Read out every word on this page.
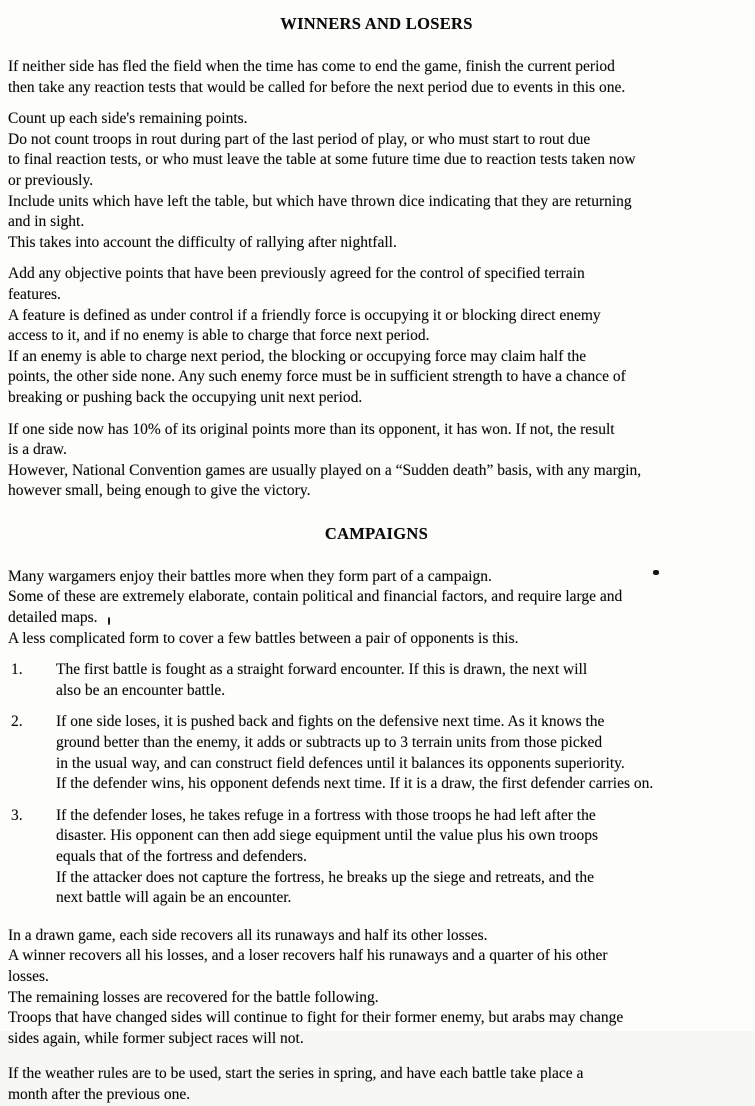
WINNERS AND LOSERS
If neither side has fled the field when the time has come to end the game, finish the current period
then take any reaction tests that would be called for before the next period due to events in this one.
Count up each side's remaining points.
Do not count troops in rout during part of the last period of play, or who must start to rout due
to final reaction tests, or who must leave the table at some future time due to reaction tests taken now
or previously.
Include units which have left the table, but which have thrown dice indicating that they are returning
and in sight.
This takes into account the difficulty of rallying after nightfall.
Add any objective points that have been previously agreed for the control of specified terrain
features.
A feature is defined as under control if a friendly force is occupying it or blocking direct enemy
access to it, and if no enemy is able to charge that force next period.
If an enemy is able to charge next period, the blocking or occupying force may claim half the
points, the other side none. Any such enemy force must be in sufficient strength to have a chance of
breaking or pushing back the occupying unit next period.
If one side now has 10% of its original points more than its opponent, it has won. If not, the result
is a draw.
However, National Convention games are usually played on a “Sudden death” basis, with any margin,
however small, being enough to give the victory.
CAMPAIGNS
Many wargamers enjoy their battles more when they form part of a campaign.
Some of these are extremely elaborate, contain political and financial factors, and require large and
detailed maps.
A less complicated form to cover a few battles between a pair of opponents is this.
1.	The first battle is fought as a straight forward encounter. If this is drawn, the next will
also be an encounter battle.
2.	If one side loses, it is pushed back and fights on the defensive next time. As it knows the
ground better than the enemy, it adds or subtracts up to 3 terrain units from those picked
in the usual way, and can construct field defences until it balances its opponents superiority.
If the defender wins, his opponent defends next time. If it is a draw, the first defender carries on.
3.	If the defender loses, he takes refuge in a fortress with those troops he had left after the
disaster. His opponent can then add siege equipment until the value plus his own troops
equals that of the fortress and defenders.
If the attacker does not capture the fortress, he breaks up the siege and retreats, and the
next battle will again be an encounter.
In a drawn game, each side recovers all its runaways and half its other losses.
A winner recovers all his losses, and a loser recovers half his runaways and a quarter of his other
losses.
The remaining losses are recovered for the battle following.
Troops that have changed sides will continue to fight for their former enemy, but arabs may change
sides again, while former subject races will not.
If the weather rules are to be used, start the series in spring, and have each battle take place a
month after the previous one.
